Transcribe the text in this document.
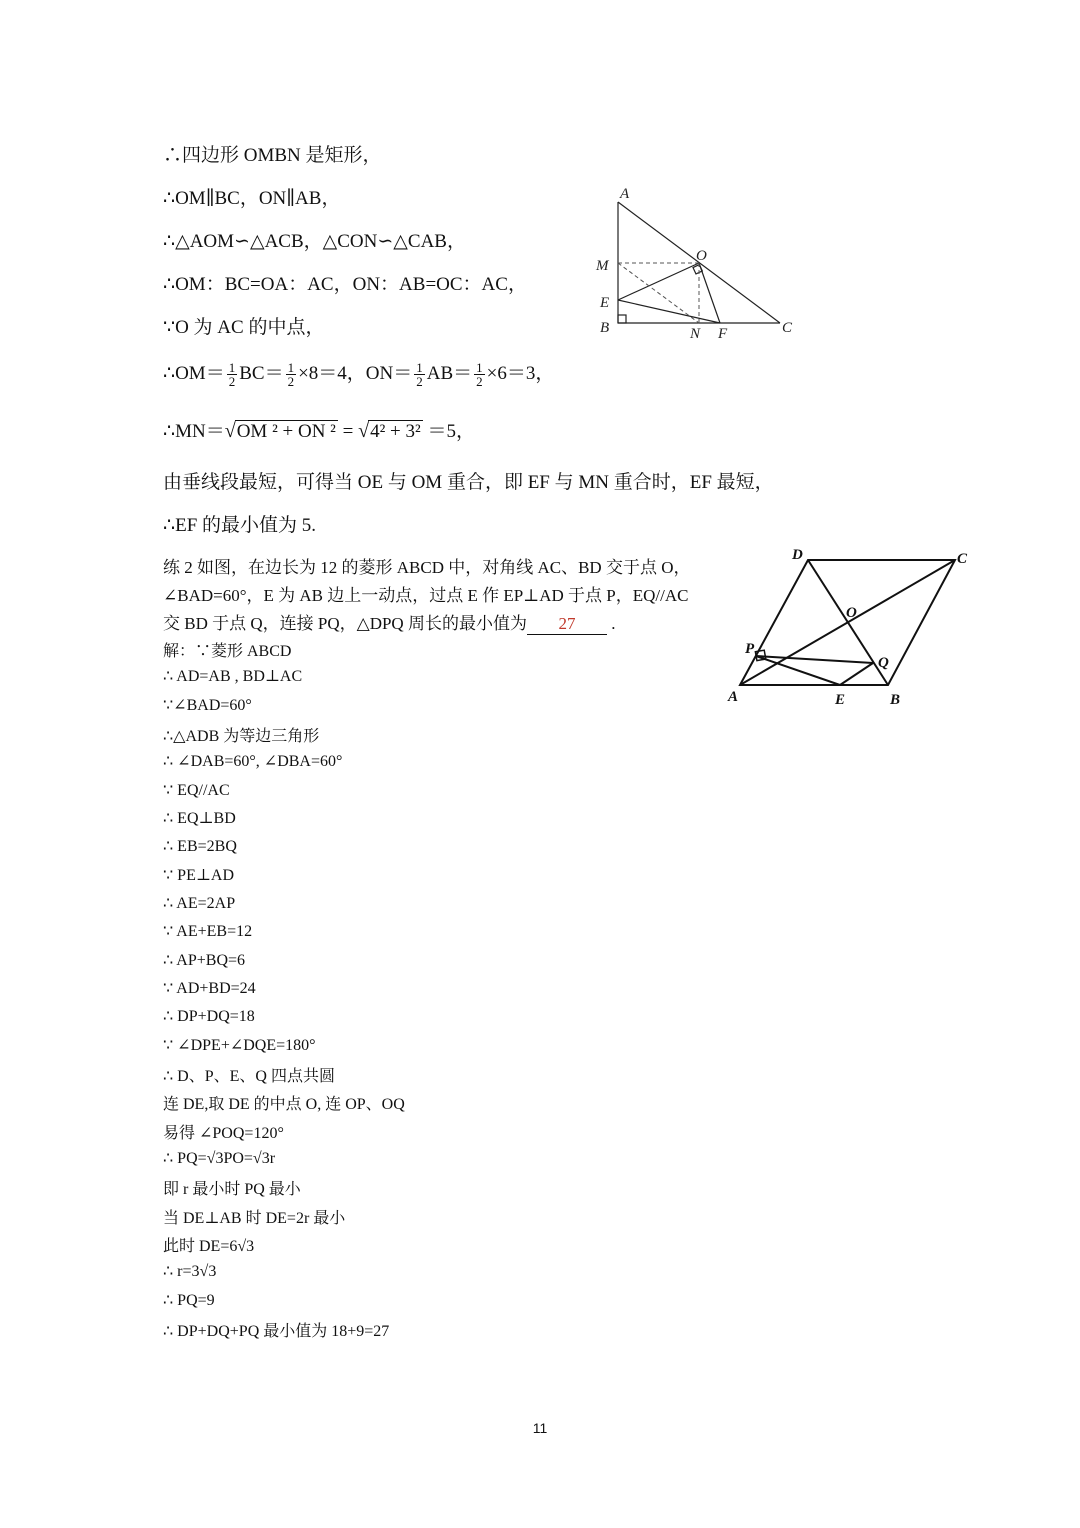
∴四边形 OMBN 是矩形，
∴OM∥BC，ON∥AB，
∴△AOM∽△ACB，△CON∽△CAB，
∴OM：BC=OA：AC，ON：AB=OC：AC，
∵O 为 AC 的中点，
∴OM＝ $\frac{1}{2} BC= \frac{1}{2} \times 8=4$，$ON= \frac{1}{2} AB= \frac{1}{2} \times 6=3$，
∴MN＝√OM ² + ON ² = √4² + 3² ＝5，
由垂线段最短，可得当 OE 与 OM 重合，即 EF 与 MN 重合时，EF 最短，
∴EF 的最小值为 5.
A
M
O
E
B	N F	C
练 2 如图，在边长为 12 的菱形 ABCD 中，对角线 AC、BD 交于点 O，
∠BAD=60°，E 为 AB 边上一动点，过点 E 作 EP⊥AD 于点 P，EQ//AC
交 BD 于点 Q，连接 PQ，△DPQ 周长的最小值为 27 .
D	C
O
P
Q
A	E	B
解：∵菱形 ABCD
∴ AD=AB , BD⊥AC
∵∠BAD=60°
∴△ADB 为等边三角形
∴ ∠DAB=60°, ∠DBA=60°
∵ EQ//AC
∴ EQ⊥BD
∴ EB=2BQ
∵ PE⊥AD
∴ AE=2AP
∵ AE+EB=12
∴ AP+BQ=6
∵ AD+BD=24
∴ DP+DQ=18
∵ ∠DPE+∠DQE=180°
∴ D、P、E、Q 四点共圆
连 DE,取 DE 的中点 O, 连 OP、OQ
易得 ∠POQ=120°
∴ PQ=√3PO=√3r
即 r 最小时 PQ 最小
当 DE⊥AB 时 DE=2r 最小
此时 DE=6√3
∴ r=3√3
∴ PQ=9
∴ DP+DQ+PQ 最小值为 18+9=27
11
